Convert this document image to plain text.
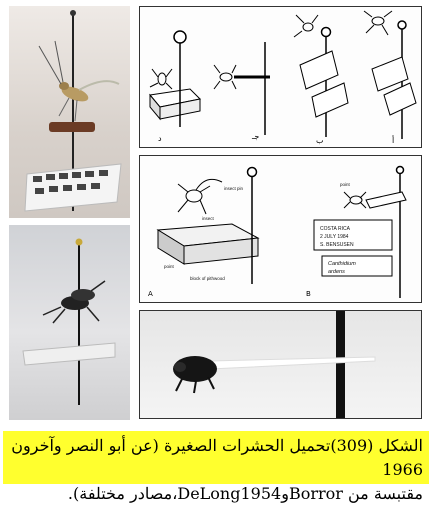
د	جـ	ب	أ
insect pin
insect
point
block of pithwood
A
point
COSTA RICA
2 JULY 1984
S. BENSUSEN
Canthidium
ardens
B
الشكل (309)تحميل الحشرات الصغيرة (عن أبو النصر وآخرون 1966
مقتبسة من BorrorوDeLong1954،مصادر مختلفة).
